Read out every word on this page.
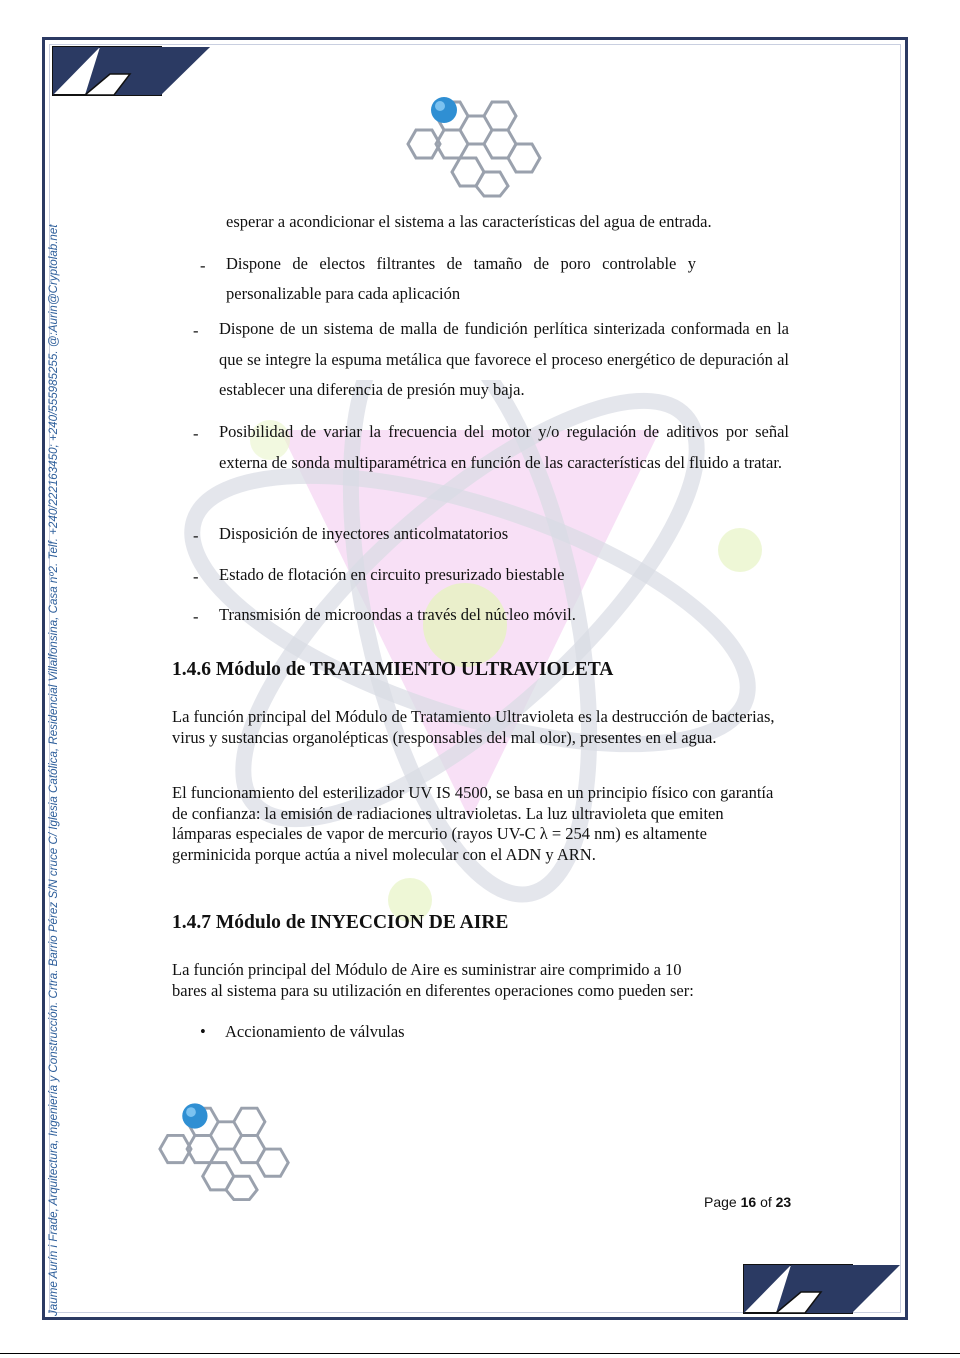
Jaume Aurín i Frade, Arquitectura, Ingeniería y Construcción. Crtra. Barrio Pérez S/N cruce C/ Iglesia Católica, Residencial Villalfonsina, Casa nº2. Telf. +240/222163450; +240/555985255. @:Aurin@Cryptolab.net
esperar a acondicionar el sistema a las características del agua de entrada.
- Dispone de electos filtrantes de tamaño de poro controlable y
personalizable para cada aplicación
- Dispone de un sistema de malla de fundición perlítica sinterizada conformada en la que se integre la espuma metálica que favorece el proceso energético de depuración al establecer una diferencia de presión muy baja.
- Posibilidad de variar la frecuencia del motor y/o regulación de aditivos por señal externa de sonda multiparamétrica en función de las características del fluido a tratar.
- Disposición de inyectores anticolmatatorios
- Estado de flotación en circuito presurizado biestable
- Transmisión de microondas a través del núcleo móvil.
1.4.6 Módulo de TRATAMIENTO ULTRAVIOLETA
La función principal del Módulo de Tratamiento Ultravioleta es la destrucción de bacterias, virus y sustancias organolépticas (responsables del mal olor), presentes en el agua.
El funcionamiento del esterilizador UV IS 4500, se basa en un principio físico con garantía de confianza: la emisión de radiaciones ultravioletas. La luz ultravioleta que emiten lámparas especiales de vapor de mercurio (rayos UV-C λ = 254 nm) es altamente germinicida porque actúa a nivel molecular con el ADN y ARN.
1.4.7 Módulo de INYECCION DE AIRE
La función principal del Módulo de Aire es suministrar aire comprimido a 10
bares al sistema para su utilización en diferentes operaciones como pueden ser:
• Accionamiento de válvulas
Page 16 of 23
